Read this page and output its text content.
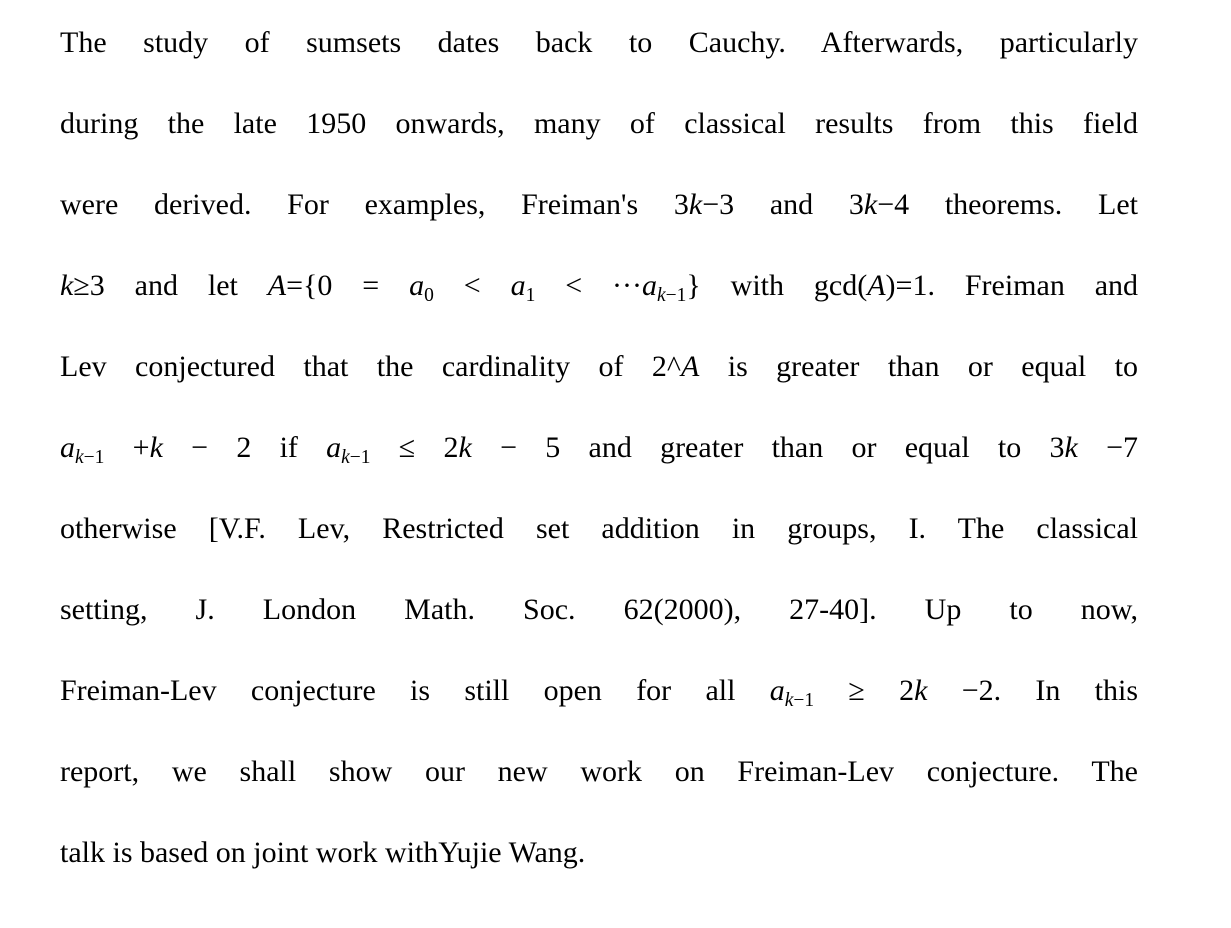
The study of sumsets dates back to Cauchy. Afterwards, particularly
during the late 1950 onwards, many of classical results from this field
were derived. For examples, Freiman's 3k−3 and 3k−4 theorems. Let
k≥3 and let $A=\{0 = a_0 < a_1 < \cdot\cdot\cdot a_{k-1}\}$ with gcd(A)=1. Freiman and
Lev conjectured that the cardinality of 2^A is greater than or equal to
$a_{k-1} +k - 2$ if $a_{k-1} \le 2k - 5$ and greater than or equal to 3k −7
otherwise [V.F. Lev, Restricted set addition in groups, I. The classical
setting, J. London Math. Soc. 62(2000), 27-40]. Up to now,
Freiman-Lev conjecture is still open for all $a_{k-1} \ge 2k -2$. In this
report, we shall show our new work on Freiman-Lev conjecture. The
talk is based on joint work withYujie Wang.
